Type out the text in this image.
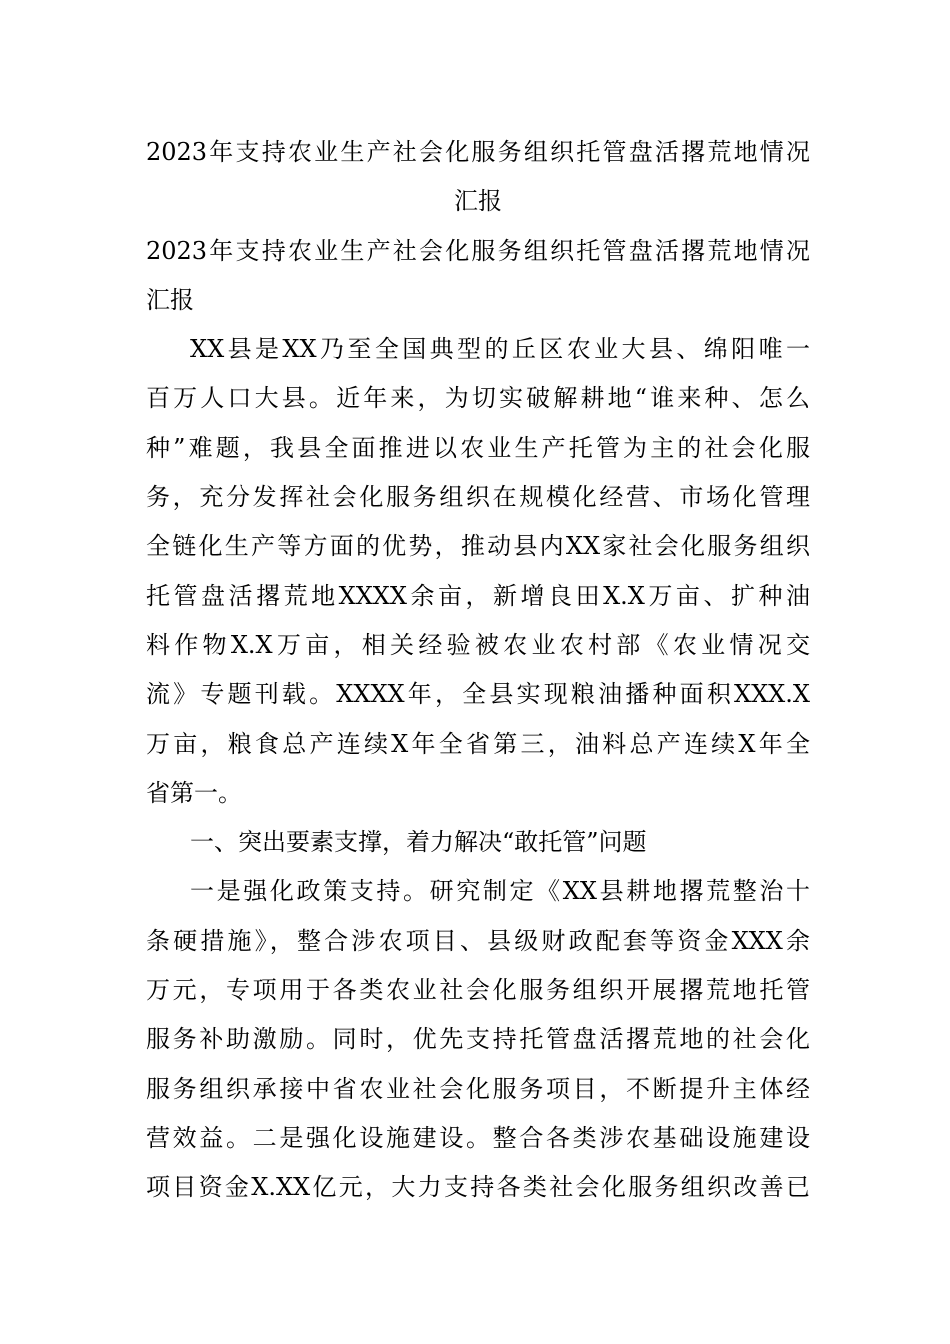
2023年支持农业生产社会化服务组织托管盘活撂荒地情况
汇报
2023年支持农业生产社会化服务组织托管盘活撂荒地情况
汇报
XX县是XX乃至全国典型的丘区农业大县、绵阳唯一
百万人口大县。近年来，为切实破解耕地“谁来种、怎么
种”难题，我县全面推进以农业生产托管为主的社会化服
务，充分发挥社会化服务组织在规模化经营、市场化管理
全链化生产等方面的优势，推动县内XX家社会化服务组织
托管盘活撂荒地XXXX余亩，新增良田X.X万亩、扩种油
料作物X.X万亩，相关经验被农业农村部《农业情况交
流》专题刊载。XXXX年，全县实现粮油播种面积XXX.X
万亩，粮食总产连续X年全省第三，油料总产连续X年全
省第一。
一、突出要素支撑，着力解决“敢托管”问题
一是强化政策支持。研究制定《XX县耕地撂荒整治十
条硬措施》，整合涉农项目、县级财政配套等资金XXX余
万元，专项用于各类农业社会化服务组织开展撂荒地托管
服务补助激励。同时，优先支持托管盘活撂荒地的社会化
服务组织承接中省农业社会化服务项目，不断提升主体经
营效益。二是强化设施建设。整合各类涉农基础设施建设
项目资金X.XX亿元，大力支持各类社会化服务组织改善已
